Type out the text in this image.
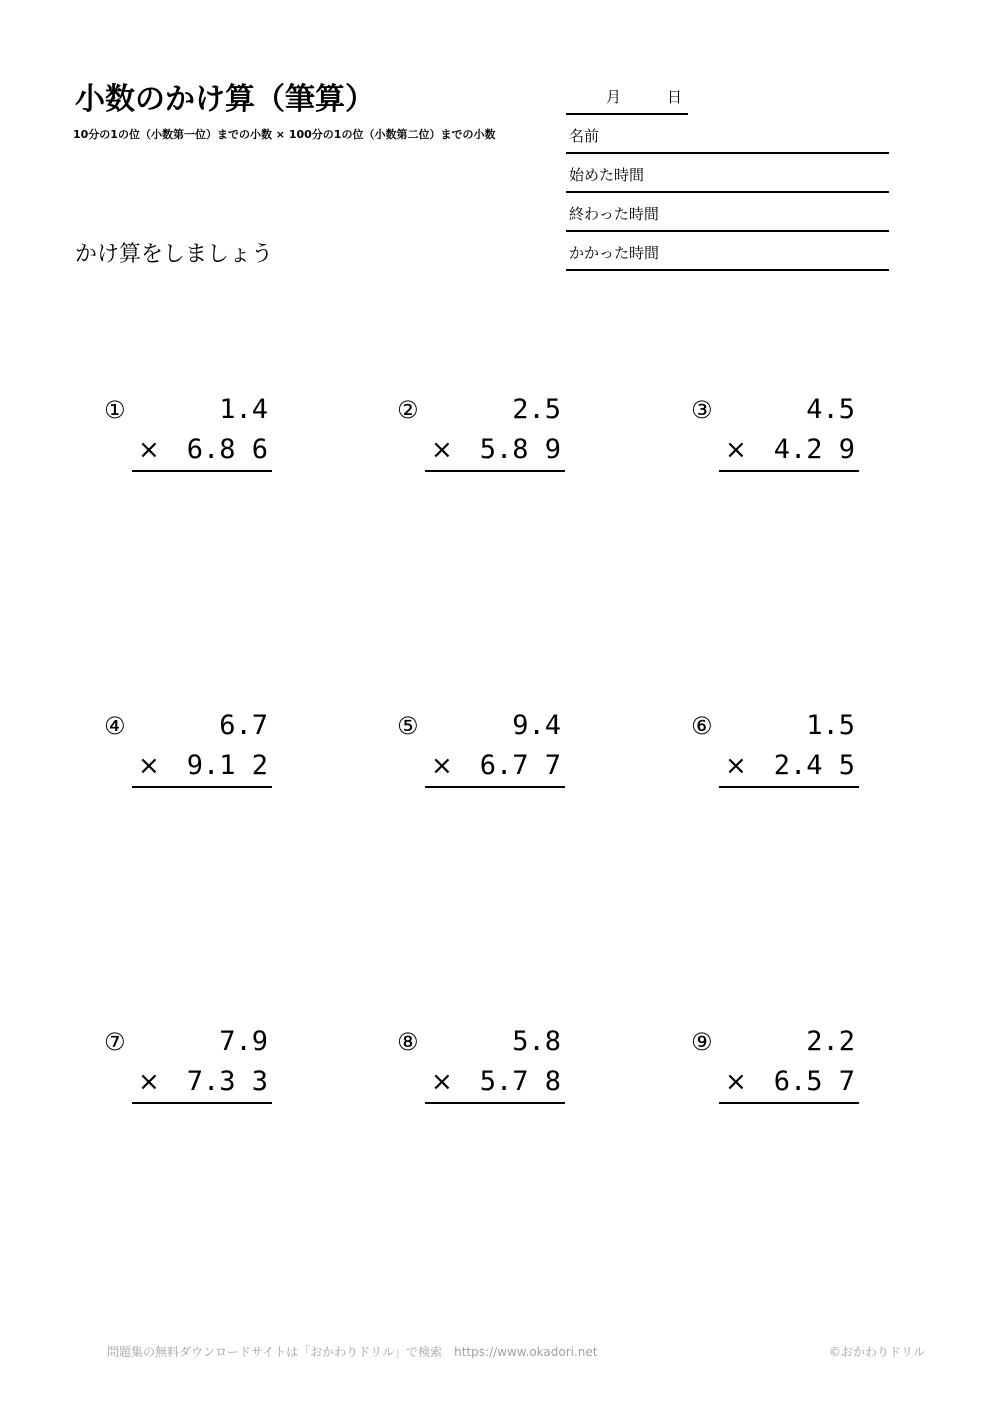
小数のかけ算（筆算）
10分の1の位（小数第一位）までの小数 × 100分の1の位（小数第二位）までの小数
かけ算をしましょう
月	日
名前
始めた時間
終わった時間
かかった時間
①	1.4
× 6.8 6
②	2.5
× 5.8 9
③	4.5
× 4.2 9
④	6.7
× 9.1 2
⑤	9.4
× 6.7 7
⑥	1.5
× 2.4 5
⑦	7.9
× 7.3 3
⑧	5.8
× 5.7 8
⑨	2.2
× 6.5 7
問題集の無料ダウンロードサイトは「おかわりドリル」で検索　https://www.okadori.net	©おかわりドリル
